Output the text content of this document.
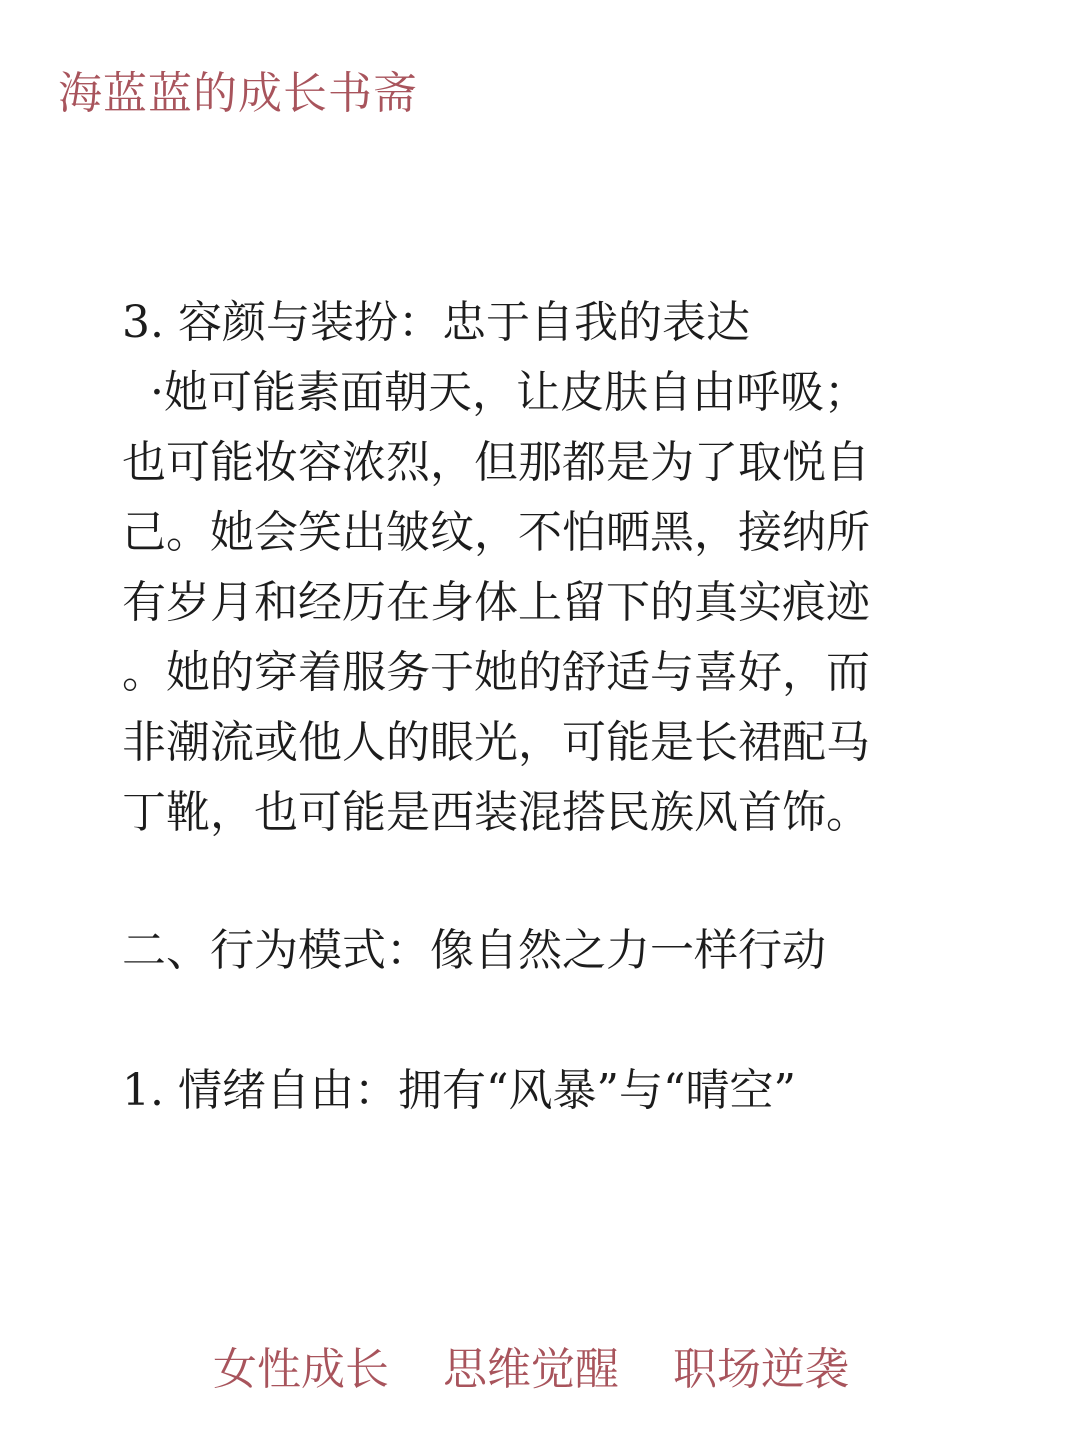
海蓝蓝的成长书斋

3. 容颜与装扮：忠于自我的表达

·她可能素面朝天，让皮肤自由呼吸；

也可能妆容浓烈，但那都是为了取悦自

己。她会笑出皱纹，不怕晒黑，接纳所

有岁月和经历在身体上留下的真实痕迹

。她的穿着服务于她的舒适与喜好，而

非潮流或他人的眼光，可能是长裙配马

丁靴，也可能是西装混搭民族风首饰。

二、行为模式：像自然之力一样行动

1. 情绪自由：拥有“风暴”与“晴空”

女性成长 思维觉醒 职场逆袭
